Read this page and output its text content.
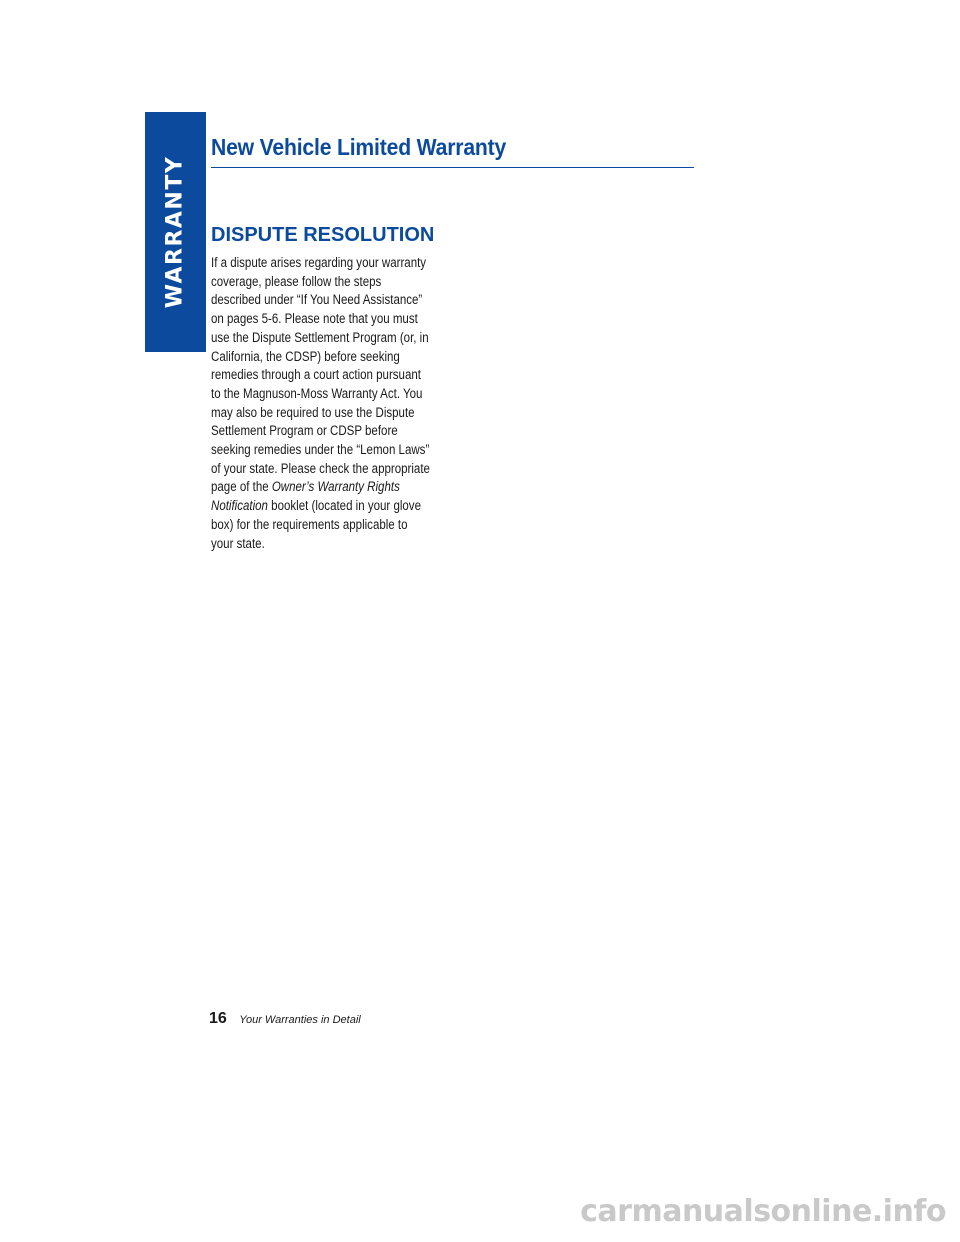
WARRANTY
New Vehicle Limited Warranty
DISPUTE RESOLUTION

If a dispute arises regarding your warranty
coverage, please follow the steps
described under “If You Need Assistance”
on pages 5-6. Please note that you must
use the Dispute Settlement Program (or, in
California, the CDSP) before seeking
remedies through a court action pursuant
to the Magnuson-Moss Warranty Act. You
may also be required to use the Dispute
Settlement Program or CDSP before
seeking remedies under the “Lemon Laws”
of your state. Please check the appropriate
page of the Owner’s Warranty Rights
Notification booklet (located in your glove
box) for the requirements applicable to
your state.

16 Your Warranties in Detail
carmanualsonline.info
